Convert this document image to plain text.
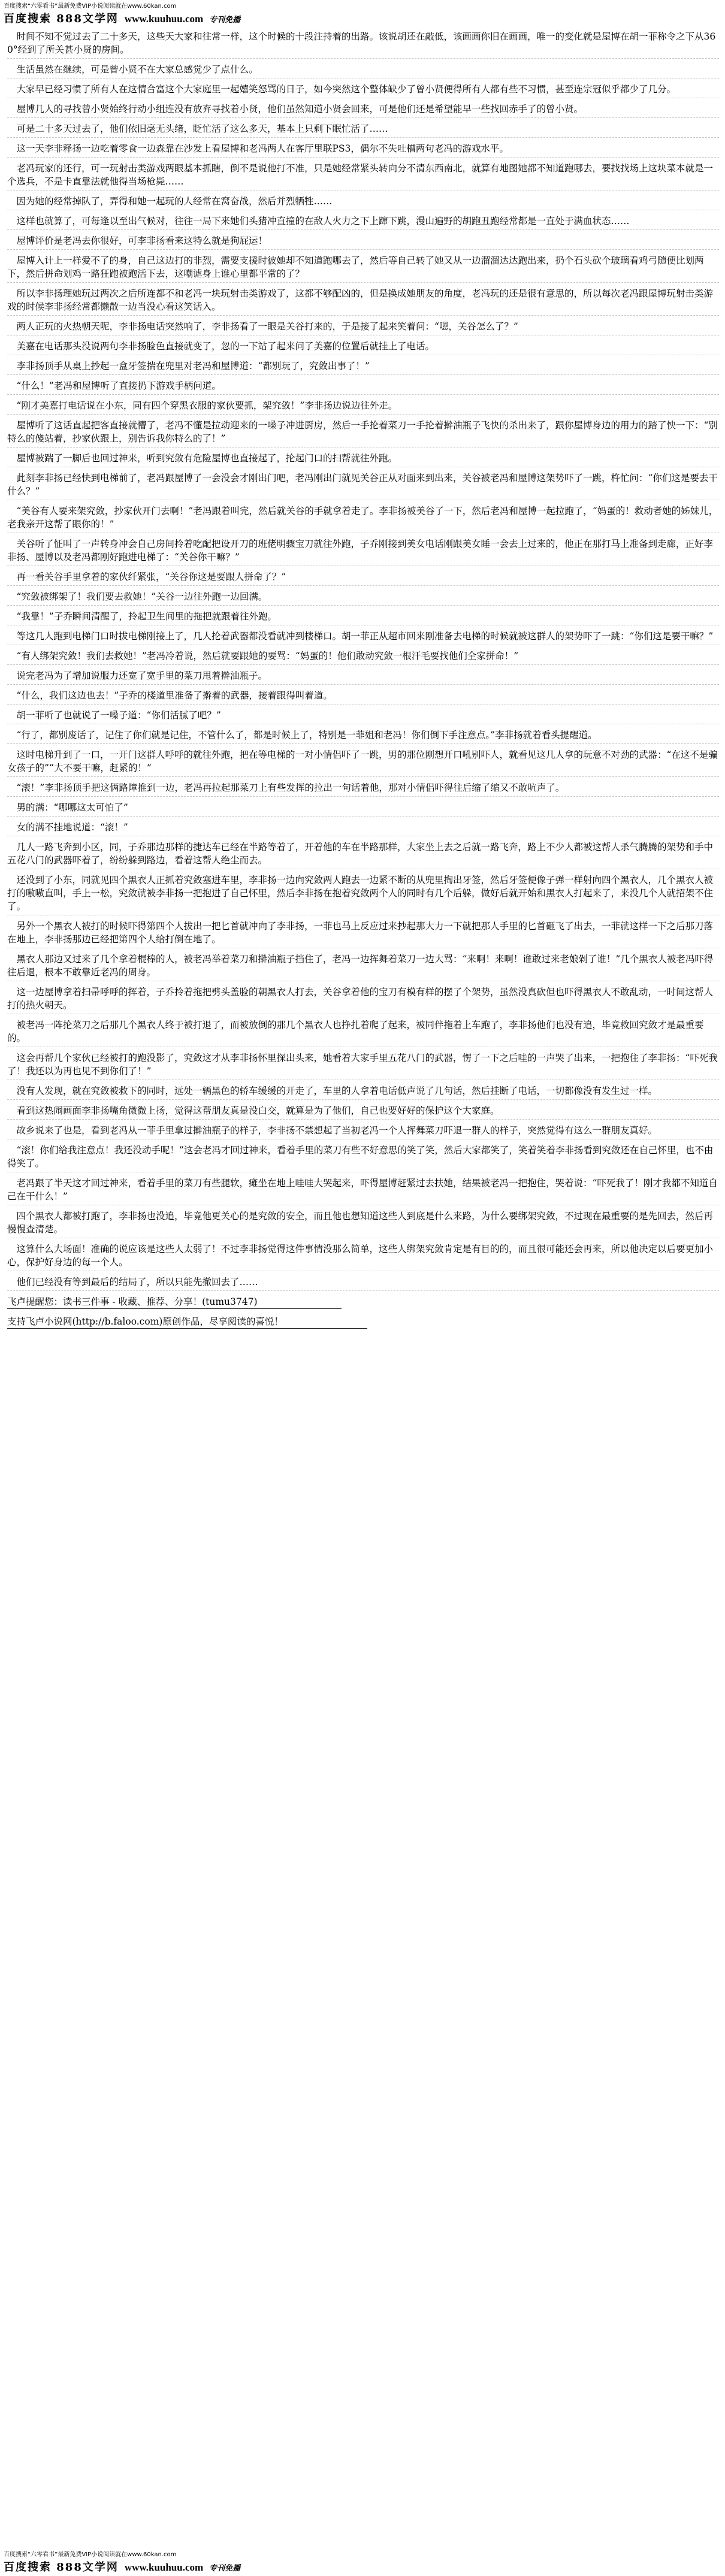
百度搜索“六零看书”最新免费VIP小说阅读就在www.60kan.com
百度搜索 888文学网 www.kuuhuu.com 专刊免播

时间不知不觉过去了二十多天，这些天大家和往常一样，这个时候的十段注持着的出路。该说胡还在敲低，该画画你旧在画画，唯一的变化就是屋博在胡一菲称令之下从360°经到了所关甚小贤的房间。

生活虽然在继续，可是曾小贤不在大家总感觉少了点什么。

大家早已经习惯了所有人在这情合富这个大家庭里一起嬉笑怒骂的日子，如今突然这个整体缺少了曾小贤便得所有人都有些不习惯，甚至连宗冠似乎都少了几分。

屋博几人的寻找曾小贤始终行动小组连没有放弃寻找着小贤，他们虽然知道小贤会回来，可是他们还是希望能早一些找回赤手了的曾小贤。

可是二十多天过去了，他们依旧毫无头绪，眨忙活了这么多天，基本上只剩下眠忙活了……

这一天李非释扬一边吃着零食一边森靠在沙发上看屋博和老冯两人在客厅里联PS3，偶尔不失吐槽两句老冯的游戏水平。

老冯玩家的还行，可一玩射击类游戏两眼基本抓瞎，倒不是说他打不准，只是她经常紧头转向分不清东西南北，就算有地图她都不知道跑哪去，要找找场上这块菜本就是一个选兵，不是卡直靠法就他得当场枪毙……

因为她的经常掉队了，弄得和她一起玩的人经常在窝奋战，然后并烈牺牲……

这样也就算了，可每逢以至出气候对，往往一局下来她们头猪冲直撞的在敌人火力之下上蹿下跳，漫山遍野的胡跑丑跑经常都是一直处于满血状态……

屋博评价是老冯去你很好，可李非扬看来这特么就是狗屁运！

屋博入计上一样爱不了的身，自己这边打的非烈，需要支援时彼她却不知道跑哪去了，然后等自己转了她又从一边溜溜达达跑出来，扔个石头砍个玻璃看鸡弓随便比划两下，然后拼命划鸡一路狂跑被跑活下去，这嘲谑身上谁心里都平常的了？

所以李非扬理她玩过两次之后所连都不和老冯一块玩射击类游戏了，这都不够配凶的，但是换成她朋友的角度，老冯玩的还是很有意思的，所以每次老冯跟屋博玩射击类游戏的时候李非扬经常都懒散一边当没心看这笑话入。

两人正玩的火热朝天呢，李非扬电话突然响了，李非扬看了一眼是关谷打来的，于是接了起来笑着问：“嗯，关谷怎么了？”

美嘉在电话那头没说两句李非扬脸色直接就变了，忽的一下站了起来问了美嘉的位置后就挂上了电话。

李非扬顶手从桌上抄起一盒牙签揣在兜里对老冯和屋博道：“都别玩了，究敛出事了！”

“什么！”老冯和屋博听了直接扔下游戏手柄问道。

“刚才美嘉打电话说在小东，同有四个穿黑衣服的家伙要抓，架究敛！”李非扬边说边往外走。

屋博听了这话直起把客直接就懵了，老冯不懂是拉动迎来的一嗓子冲进厨房，然后一手抡着菜刀一手抡着擀油瓶子飞快的杀出来了，跟你屋博身边的用力的踏了怏一下：“别特么的傻站着，抄家伙跟上，别告诉我你特么的了！”

屋博被踹了一脚后也回过神来，听到究敛有危险屋博也直接起了，抡起门口的扫帮就往外跑。

此刻李非扬已经快到电梯前了，老冯跟屋博了一会没会才刚出门吧，老冯刚出门就见关谷正从对面来到出来，关谷被老冯和屋博这架势吓了一跳，杵忙问：“你们这是要去干什么？”

“美谷有人要来架究敛，抄家伙开门去啊！”老冯跟着叫完，然后就关谷的手就拿着走了。李非扬被美谷了一下，然后老冯和屋博一起拉跑了，“妈蛋的！救动者她的姊妹儿，老我亲开这帮了眼你的！”

关谷听了怔叫了一声转身冲会自己房间拎着吃配把设开刀的班佬明骤宝刀就往外跑，子乔刚接到美女电话刚跟美女睡一会去上过来的，他正在那打马上准备到走廊，正好李非扬、屋博以及老冯都刚好跑进电梯了：“关谷你干嘛？”

再一看关谷手里拿着的家伙纤紧张，“关谷你这是要跟人拼命了？”

“究敛被绑架了！我们要去救她！”关谷一边往外跑一边回满。

“我靠！”子乔瞬间清醒了，拎起卫生间里的拖把就跟着往外跑。

等这几人跑到电梯门口时拔电梯刚接上了，几人抡着武器都没看就冲到楼梯口。胡一菲正从超市回来刚准备去电梯的时候就被这群人的架势吓了一跳：“你们这是要干嘛？”

“有人绑架究敛！我们去救她！”老冯冷着说，然后就要跟她的要骂：“妈蛋的！他们敢动究敛一根汗毛要找他们全家拼命！”

说完老冯为了增加说服力还宽了宽手里的菜刀甩着擀油瓶子。

“什么，我们这边也去！”子乔的楼道里准备了擀着的武器，接着跟得叫着道。

胡一菲听了也就说了一嗓子道：“你们活腻了吧？”

“行了，都别废话了，记住了你们就是记住，不管什么了，都是时候上了，特别是一菲姐和老冯！你们倒下手注意点。”李非扬就着看头提醒道。

这时电梯升到了一口，一开门这群人呼呼的就往外跑，把在等电梯的一对小情侣吓了一跳，男的那位刚想开口吼别吓人，就看见这几人拿的玩意不对劲的武器：“在这不是骗女孩子的”“大不要干嘛，赶紧的！”

“滚！”李非扬顶手把这俩路障推到一边，老冯再拉起那菜刀上有些发挥的拉出一句话着他，那对小情侣吓得往后缩了缩又不敢吭声了。

男的满：“哪哪这太可怕了”

女的满不挂地说道：“滚！”

几人一路飞奔到小区，同，子乔那边那样的捷达车已经在半路等着了，开着他的车在半路那样，大家坐上去之后就一路飞奔，路上不少人都被这帮人杀气腾腾的架势和手中五花八门的武器吓着了，纷纷躲到路边，看着这帮人绝尘而去。

还没到了小东，同就见四个黑衣人正抓着究敛塞进车里，李非扬一边向究敛两人跑去一边紧不断的从兜里掏出牙签，然后牙签便像子弹一样射向四个黑衣人，几个黑衣人被打的嗷嗷直叫，手上一松，究敛就被李非扬一把抱进了自己怀里，然后李非扬在抱着究敛两个人的同时有几个后躲，做好后就开始和黑衣人打起来了，来没几个人就招架不住了。

另外一个黑衣人被打的时候吓得第四个人拔出一把匕首就冲向了李非扬，一菲也马上反应过来抄起那大力一下就把那人手里的匕首砸飞了出去，一菲就这样一下之后那刀落在地上，李非扬那边已经把第四个人给打倒在地了。

黑衣人那边又过来了几个拿着棍棒的人，被老冯举着菜刀和擀油瓶子挡住了，老冯一边挥舞着菜刀一边大骂：“来啊！来啊！谁敢过来老娘剁了谁！”几个黑衣人被老冯吓得往后退，根本不敢靠近老冯的周身。

这一边屋博拿着扫帚呼呼的挥着，子乔拎着拖把劈头盖脸的朝黑衣人打去，关谷拿着他的宝刀有模有样的摆了个架势，虽然没真砍但也吓得黑衣人不敢乱动，一时间这帮人打的热火朝天。

被老冯一阵抡菜刀之后那几个黑衣人终于被打退了，而被放倒的那几个黑衣人也挣扎着爬了起来，被同伴拖着上车跑了，李非扬他们也没有追，毕竟救回究敛才是最重要的。

这会再帮几个家伙已经被打的跑没影了，究敛这才从李非扬怀里探出头来，她看着大家手里五花八门的武器，愣了一下之后哇的一声哭了出来，一把抱住了李非扬：“吓死我了！我还以为再也见不到你们了！”

没有人发现，就在究敛被救下的同时，远处一辆黑色的轿车缓缓的开走了，车里的人拿着电话低声说了几句话，然后挂断了电话，一切都像没有发生过一样。

看到这热闹画面李非扬嘴角微微上扬，觉得这帮朋友真是没白交，就算是为了他们，自己也要好好的保护这个大家庭。

故乡说来了也是，看到老冯从一菲手里拿过擀油瓶子的样子，李非扬不禁想起了当初老冯一个人挥舞菜刀吓退一群人的样子，突然觉得有这么一群朋友真好。

“滚！你们给我注意点！我还没动手呢！”这会老冯才回过神来，看着手里的菜刀有些不好意思的笑了笑，然后大家都笑了，笑着笑着李非扬看到究敛还在自己怀里，也不由得笑了。

老冯跟了半天这才回过神来，看着手里的菜刀有些腿软，瘫坐在地上哇哇大哭起来，吓得屋博赶紧过去扶她，结果被老冯一把抱住，哭着说：“吓死我了！刚才我都不知道自己在干什么！”

四个黑衣人都被打跑了，李非扬也没追，毕竟他更关心的是究敛的安全，而且他也想知道这些人到底是什么来路，为什么要绑架究敛，不过现在最重要的是先回去，然后再慢慢查清楚。

这算什么大场面！准确的说应该是这些人太弱了！不过李非扬觉得这件事情没那么简单，这些人绑架究敛肯定是有目的的，而且很可能还会再来，所以他决定以后要更加小心，保护好身边的每一个人。

他们已经没有等到最后的结局了，所以只能先撤回去了……

飞卢提醒您：读书三件事 - 收藏、推荐、分享！(tumu3747)
支持飞卢小说网(http://b.faloo.com)原创作品，尽享阅读的喜悦！
百度搜索“六零看书”最新免费VIP小说阅读就在www.60kan.com
百度搜索 888文学网 www.kuuhuu.com 专刊免播
